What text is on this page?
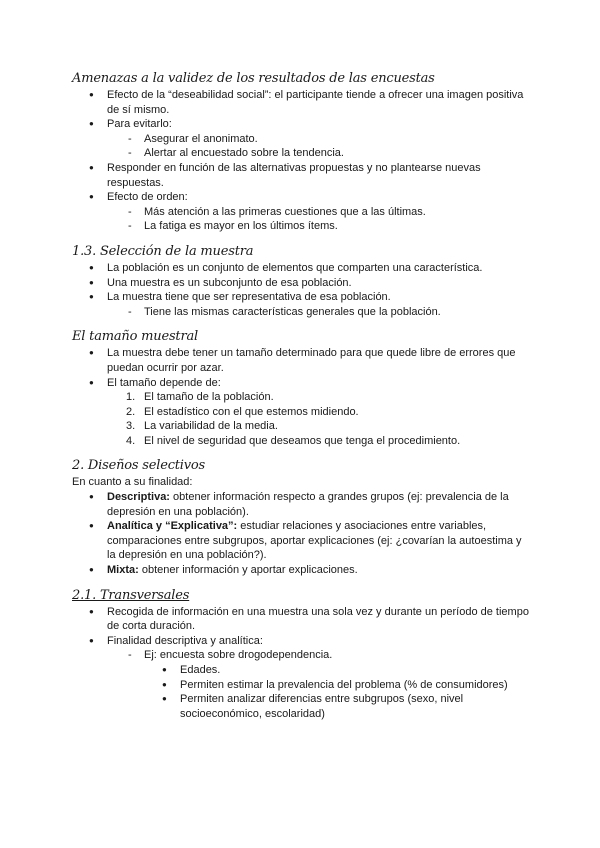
Amenazas a la validez de los resultados de las encuestas
● Efecto de la “deseabilidad social”: el participante tiende a ofrecer una imagen positiva de sí mismo.
● Para evitarlo:
- Asegurar el anonimato.
- Alertar al encuestado sobre la tendencia.
● Responder en función de las alternativas propuestas y no plantearse nuevas respuestas.
● Efecto de orden:
- Más atención a las primeras cuestiones que a las últimas.
- La fatiga es mayor en los últimos ítems.
1.3. Selección de la muestra
● La población es un conjunto de elementos que comparten una característica.
● Una muestra es un subconjunto de esa población.
● La muestra tiene que ser representativa de esa población.
- Tiene las mismas características generales que la población.
El tamaño muestral
● La muestra debe tener un tamaño determinado para que quede libre de errores que puedan ocurrir por azar.
● El tamaño depende de:
1. El tamaño de la población.
2. El estadístico con el que estemos midiendo.
3. La variabilidad de la media.
4. El nivel de seguridad que deseamos que tenga el procedimiento.
2. Diseños selectivos

En cuanto a su finalidad:

● Descriptiva: obtener información respecto a grandes grupos (ej: prevalencia de la depresión en una población).
● Analítica y “Explicativa”: estudiar relaciones y asociaciones entre variables, comparaciones entre subgrupos, aportar explicaciones (ej: ¿covarían la autoestima y la depresión en una población?).
● Mixta: obtener información y aportar explicaciones.
2.1. Transversales
● Recogida de información en una muestra una sola vez y durante un período de tiempo de corta duración.
● Finalidad descriptiva y analítica:
- Ej: encuesta sobre drogodependencia.
● Edades.
● Permiten estimar la prevalencia del problema (% de consumidores)
● Permiten analizar diferencias entre subgrupos (sexo, nivel socioeconómico, escolaridad)
